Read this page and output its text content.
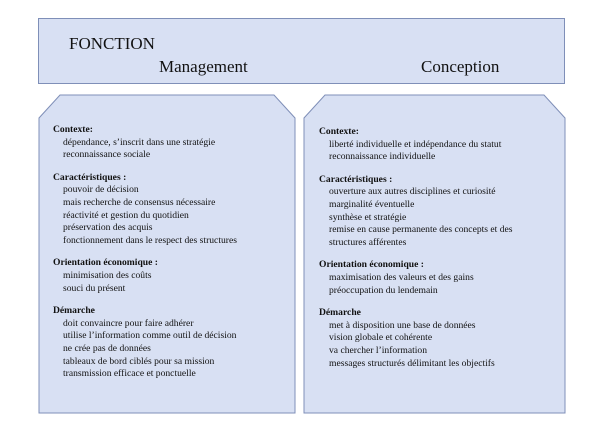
FONCTION
Management	Conception
Contexte:
dépendance, s’inscrit dans une stratégie
reconnaissance sociale
Caractéristiques :
pouvoir de décision
mais recherche de consensus nécessaire
réactivité et gestion du quotidien
préservation des acquis
fonctionnement dans le respect des structures
Orientation économique :
minimisation des coûts
souci du présent
Démarche
doit convaincre pour faire adhérer
utilise l’information comme outil de décision
ne crée pas de données
tableaux de bord ciblés pour sa mission
transmission efficace et ponctuelle
Contexte:
liberté individuelle et indépendance du statut
reconnaissance individuelle
Caractéristiques :
ouverture aux autres disciplines et curiosité
marginalité éventuelle
synthèse et stratégie
remise en cause permanente des concepts et des
structures afférentes
Orientation économique :
maximisation des valeurs et des gains
préoccupation du lendemain
Démarche
met à disposition une base de données
vision globale et cohérente
va chercher l’information
messages structurés délimitant les objectifs
